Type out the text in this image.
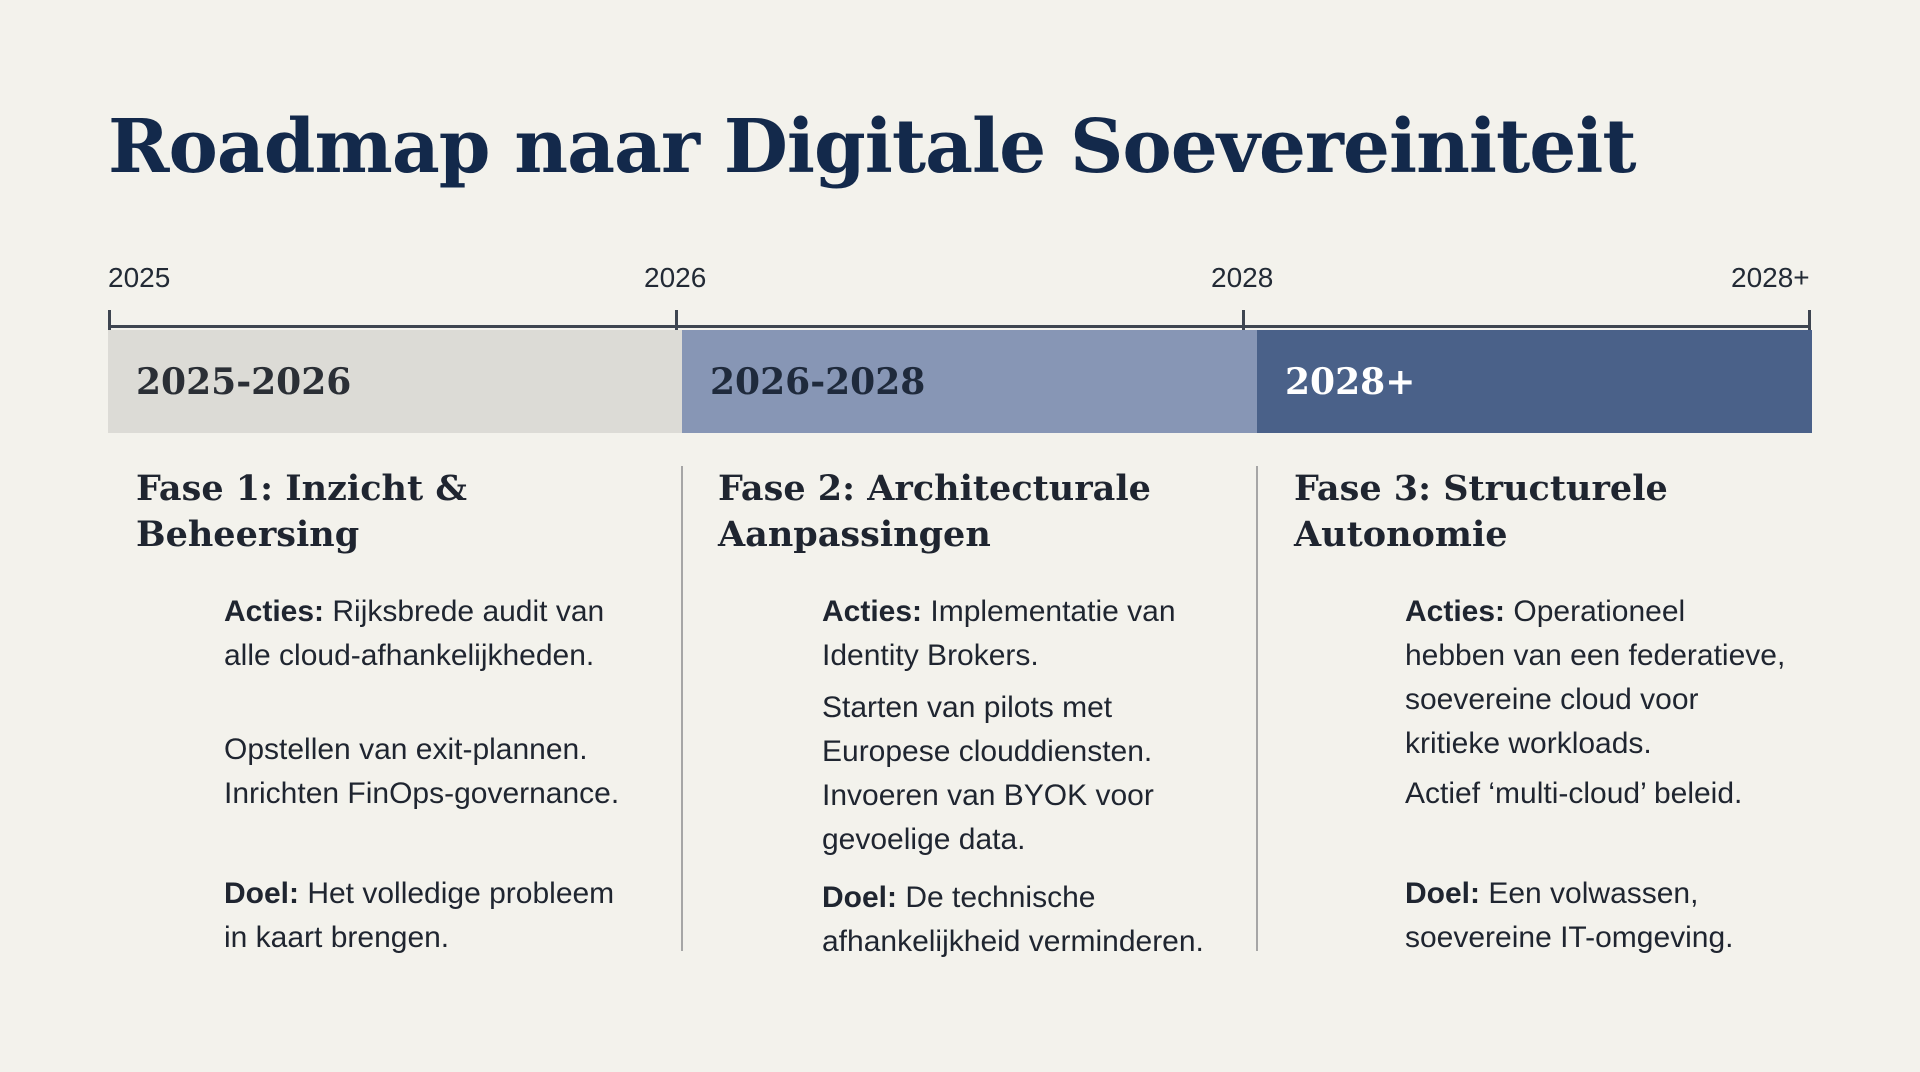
Roadmap naar Digitale Soevereiniteit
2025	2026	2028	2028+
2025-2026	2026-2028	2028+
Fase 1: Inzicht &
Beheersing
Acties: Rijksbrede audit van
alle cloud-afhankelijkheden.
Opstellen van exit-plannen.
Inrichten FinOps-governance.
Doel: Het volledige probleem
in kaart brengen.
Fase 2: Architecturale
Aanpassingen
Acties: Implementatie van
Identity Brokers.
Starten van pilots met
Europese clouddiensten.
Invoeren van BYOK voor
gevoelige data.
Doel: De technische
afhankelijkheid verminderen.
Fase 3: Structurele
Autonomie
Acties: Operationeel
hebben van een federatieve,
soevereine cloud voor
kritieke workloads.
Actief ‘multi-cloud’ beleid.
Doel: Een volwassen,
soevereine IT-omgeving.
